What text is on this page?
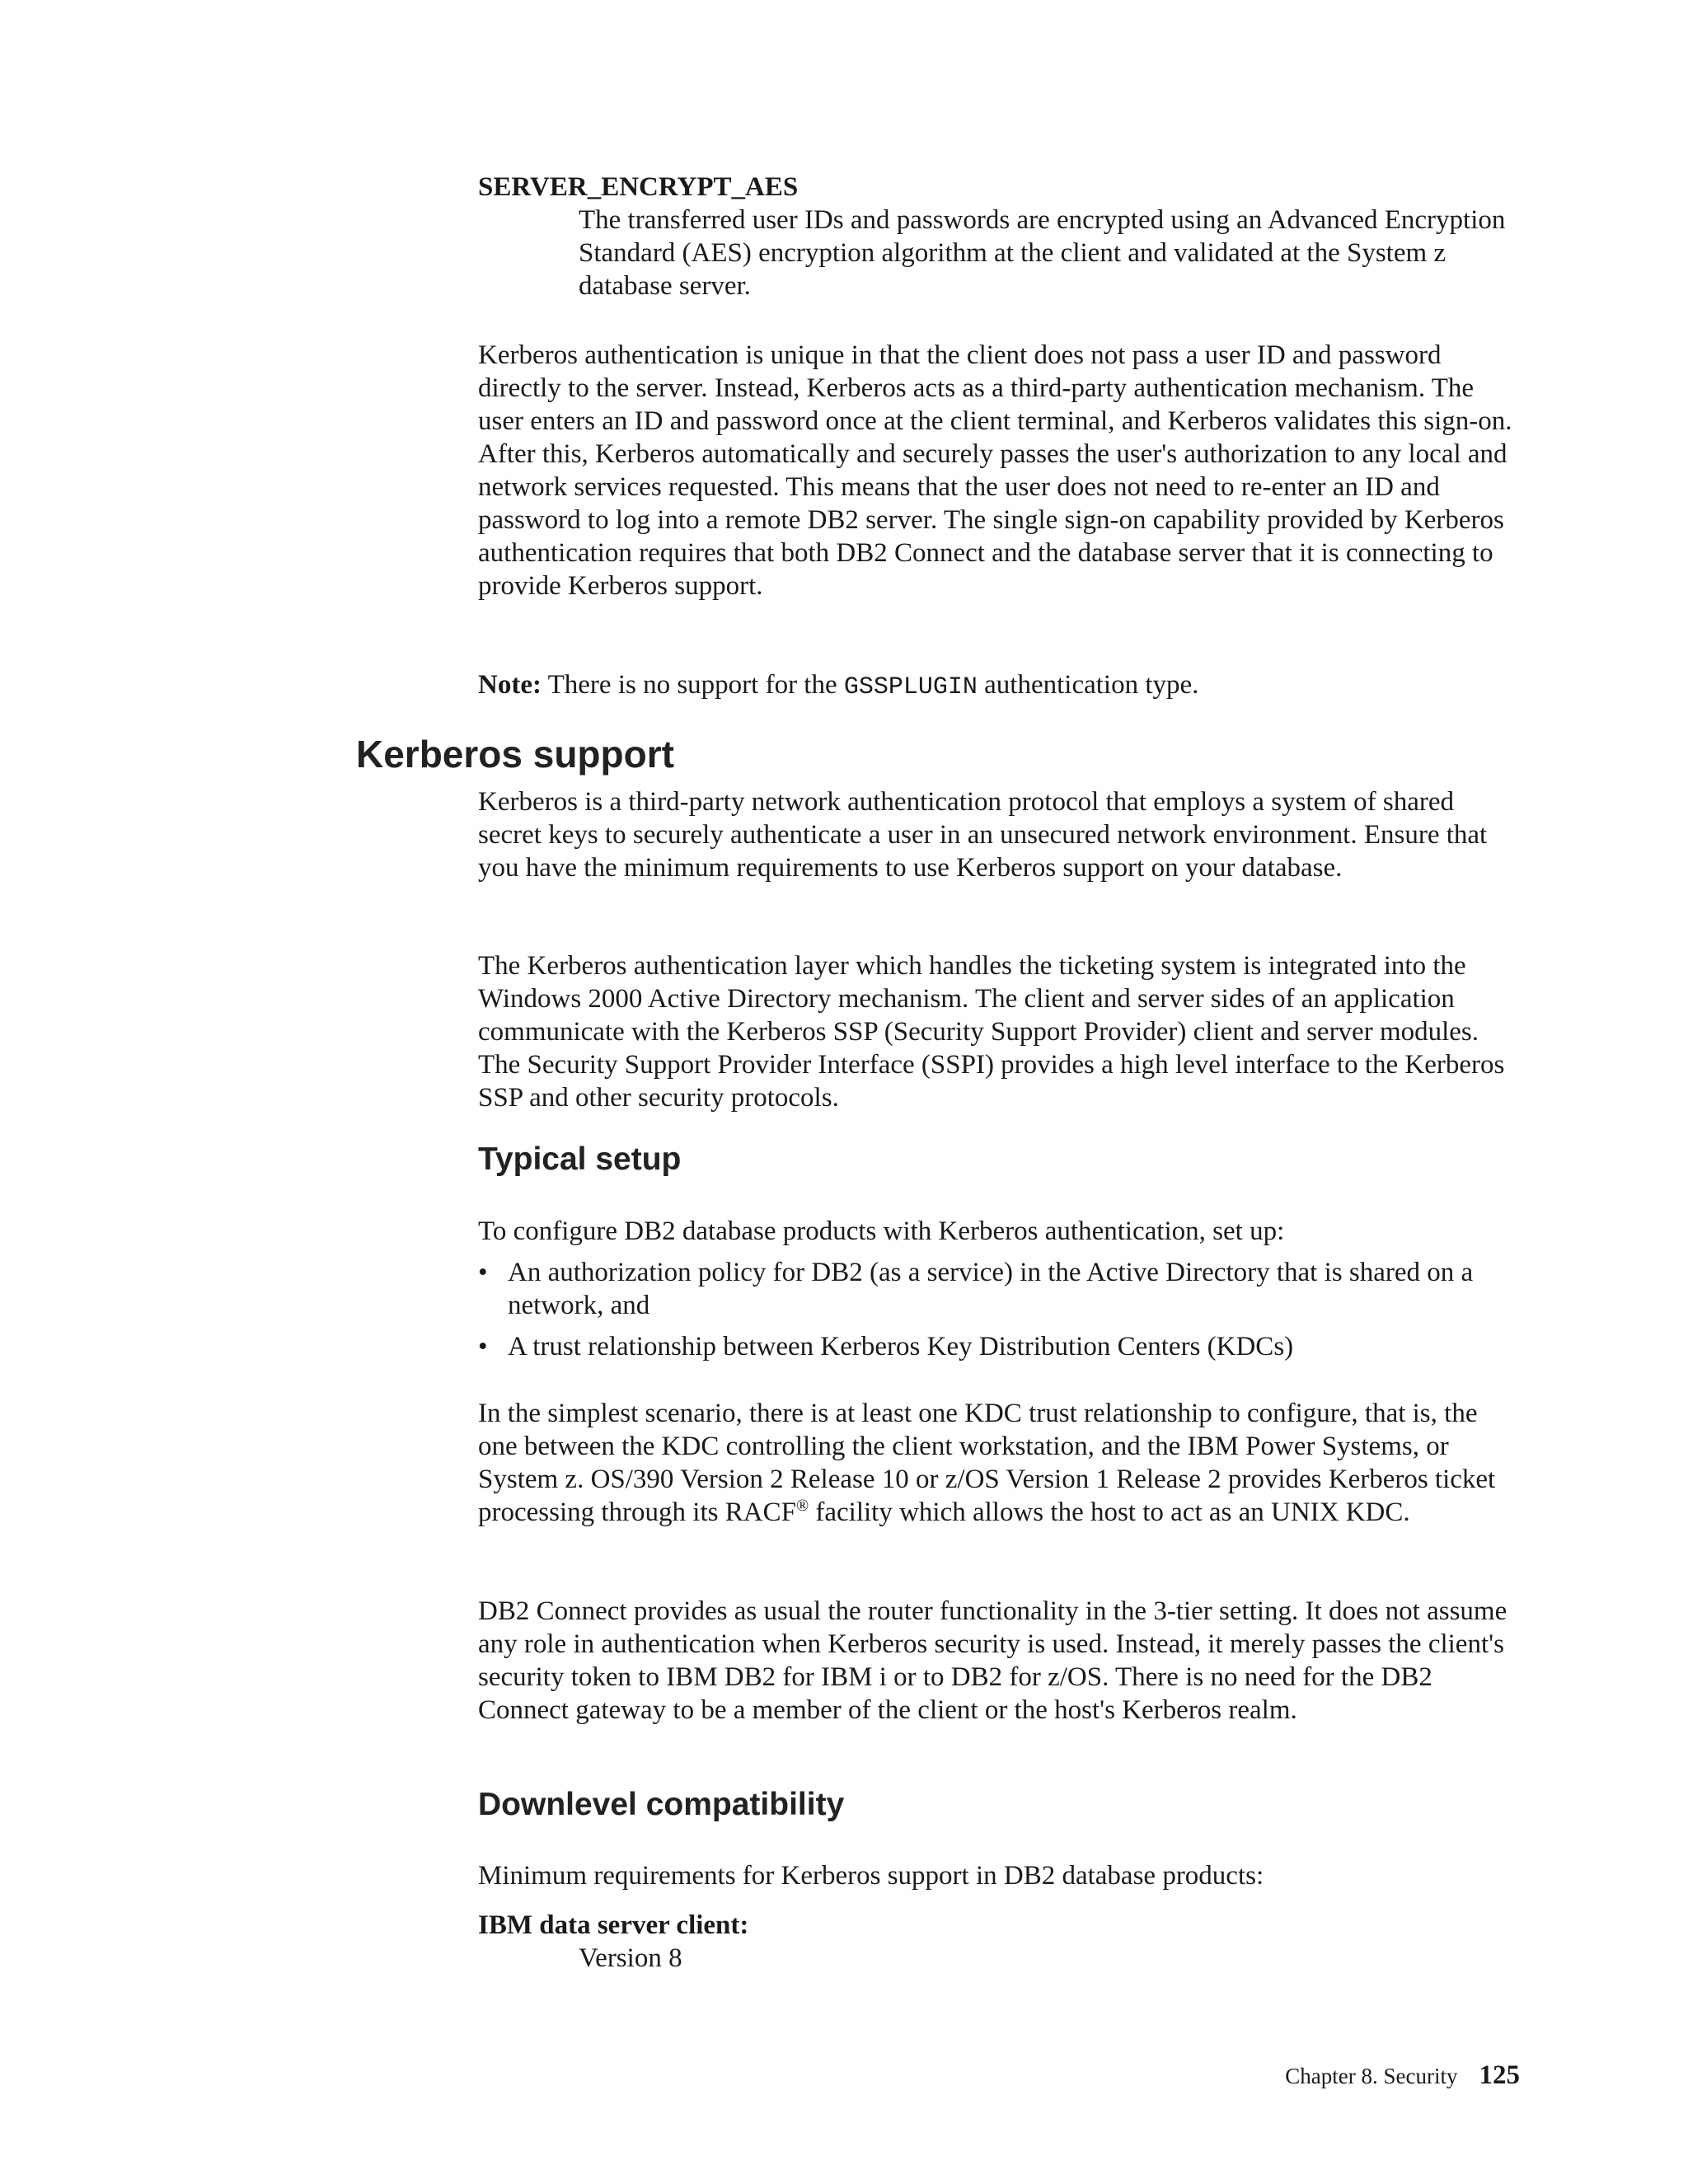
SERVER_ENCRYPT_AES

The transferred user IDs and passwords are encrypted using an Advanced Encryption Standard (AES) encryption algorithm at the client and validated at the System z database server.

Kerberos authentication is unique in that the client does not pass a user ID and password directly to the server. Instead, Kerberos acts as a third-party authentication mechanism. The user enters an ID and password once at the client terminal, and Kerberos validates this sign-on. After this, Kerberos automatically and securely passes the user's authorization to any local and network services requested. This means that the user does not need to re-enter an ID and password to log into a remote DB2 server. The single sign-on capability provided by Kerberos authentication requires that both DB2 Connect and the database server that it is connecting to provide Kerberos support.

Note: There is no support for the GSSPLUGIN authentication type.

Kerberos support

Kerberos is a third-party network authentication protocol that employs a system of shared secret keys to securely authenticate a user in an unsecured network environment. Ensure that you have the minimum requirements to use Kerberos support on your database.

The Kerberos authentication layer which handles the ticketing system is integrated into the Windows 2000 Active Directory mechanism. The client and server sides of an application communicate with the Kerberos SSP (Security Support Provider) client and server modules. The Security Support Provider Interface (SSPI) provides a high level interface to the Kerberos SSP and other security protocols.

Typical setup

To configure DB2 database products with Kerberos authentication, set up:

• An authorization policy for DB2 (as a service) in the Active Directory that is shared on a network, and
• A trust relationship between Kerberos Key Distribution Centers (KDCs)

In the simplest scenario, there is at least one KDC trust relationship to configure, that is, the one between the KDC controlling the client workstation, and the IBM Power Systems, or System z. OS/390 Version 2 Release 10 or z/OS Version 1 Release 2 provides Kerberos ticket processing through its RACF® facility which allows the host to act as an UNIX KDC.

DB2 Connect provides as usual the router functionality in the 3-tier setting. It does not assume any role in authentication when Kerberos security is used. Instead, it merely passes the client's security token to IBM DB2 for IBM i or to DB2 for z/OS. There is no need for the DB2 Connect gateway to be a member of the client or the host's Kerberos realm.

Downlevel compatibility

Minimum requirements for Kerberos support in DB2 database products:

IBM data server client:

Version 8

Chapter 8. Security 125
